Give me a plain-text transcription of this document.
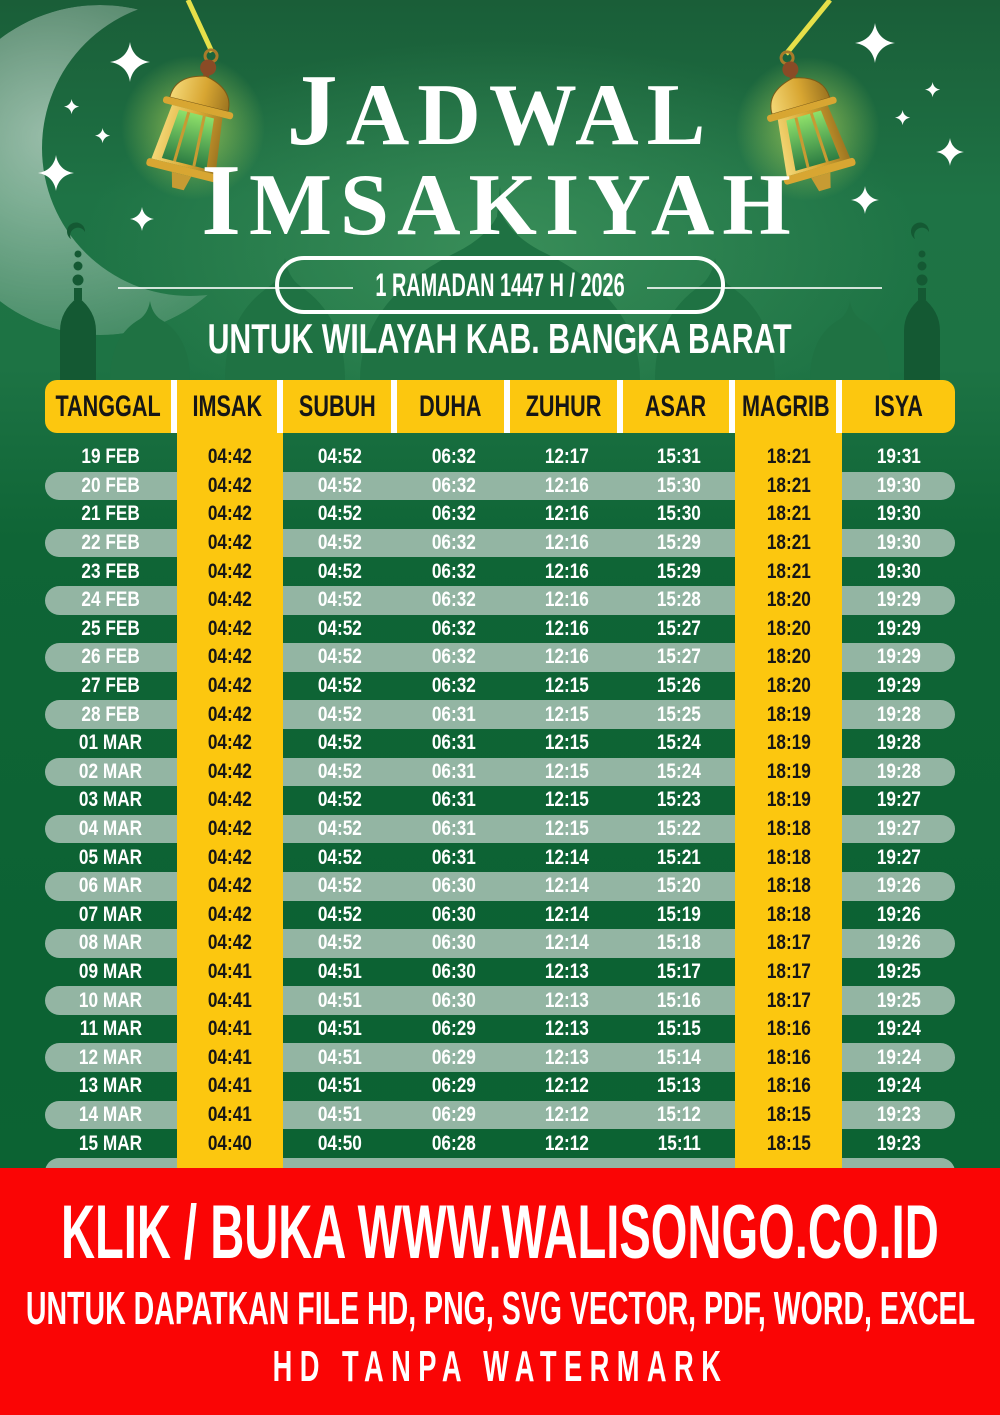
JADWAL
IMSAKIYAH
1 RAMADAN 1447 H / 2026
UNTUK WILAYAH KAB. BANGKA BARAT
TANGGAL IMSAK SUBUH DUHA ZUHUR ASAR MAGRIB ISYA
19 FEB	04:42	04:52	06:32	12:17	15:31	18:21	19:31
20 FEB	04:42	04:52	06:32	12:16	15:30	18:21	19:30
21 FEB	04:42	04:52	06:32	12:16	15:30	18:21	19:30
22 FEB	04:42	04:52	06:32	12:16	15:29	18:21	19:30
23 FEB	04:42	04:52	06:32	12:16	15:29	18:21	19:30
24 FEB	04:42	04:52	06:32	12:16	15:28	18:20	19:29
25 FEB	04:42	04:52	06:32	12:16	15:27	18:20	19:29
26 FEB	04:42	04:52	06:32	12:16	15:27	18:20	19:29
27 FEB	04:42	04:52	06:32	12:15	15:26	18:20	19:29
28 FEB	04:42	04:52	06:31	12:15	15:25	18:19	19:28
01 MAR	04:42	04:52	06:31	12:15	15:24	18:19	19:28
02 MAR	04:42	04:52	06:31	12:15	15:24	18:19	19:28
03 MAR	04:42	04:52	06:31	12:15	15:23	18:19	19:27
04 MAR	04:42	04:52	06:31	12:15	15:22	18:18	19:27
05 MAR	04:42	04:52	06:31	12:14	15:21	18:18	19:27
06 MAR	04:42	04:52	06:30	12:14	15:20	18:18	19:26
07 MAR	04:42	04:52	06:30	12:14	15:19	18:18	19:26
08 MAR	04:42	04:52	06:30	12:14	15:18	18:17	19:26
09 MAR	04:41	04:51	06:30	12:13	15:17	18:17	19:25
10 MAR	04:41	04:51	06:30	12:13	15:16	18:17	19:25
11 MAR	04:41	04:51	06:29	12:13	15:15	18:16	19:24
12 MAR	04:41	04:51	06:29	12:13	15:14	18:16	19:24
13 MAR	04:41	04:51	06:29	12:12	15:13	18:16	19:24
14 MAR	04:41	04:51	06:29	12:12	15:12	18:15	19:23
15 MAR	04:40	04:50	06:28	12:12	15:11	18:15	19:23
KLIK / BUKA WWW.WALISONGO.CO.ID
UNTUK DAPATKAN FILE HD, PNG, SVG VECTOR, PDF, WORD, EXCEL
HD TANPA WATERMARK
